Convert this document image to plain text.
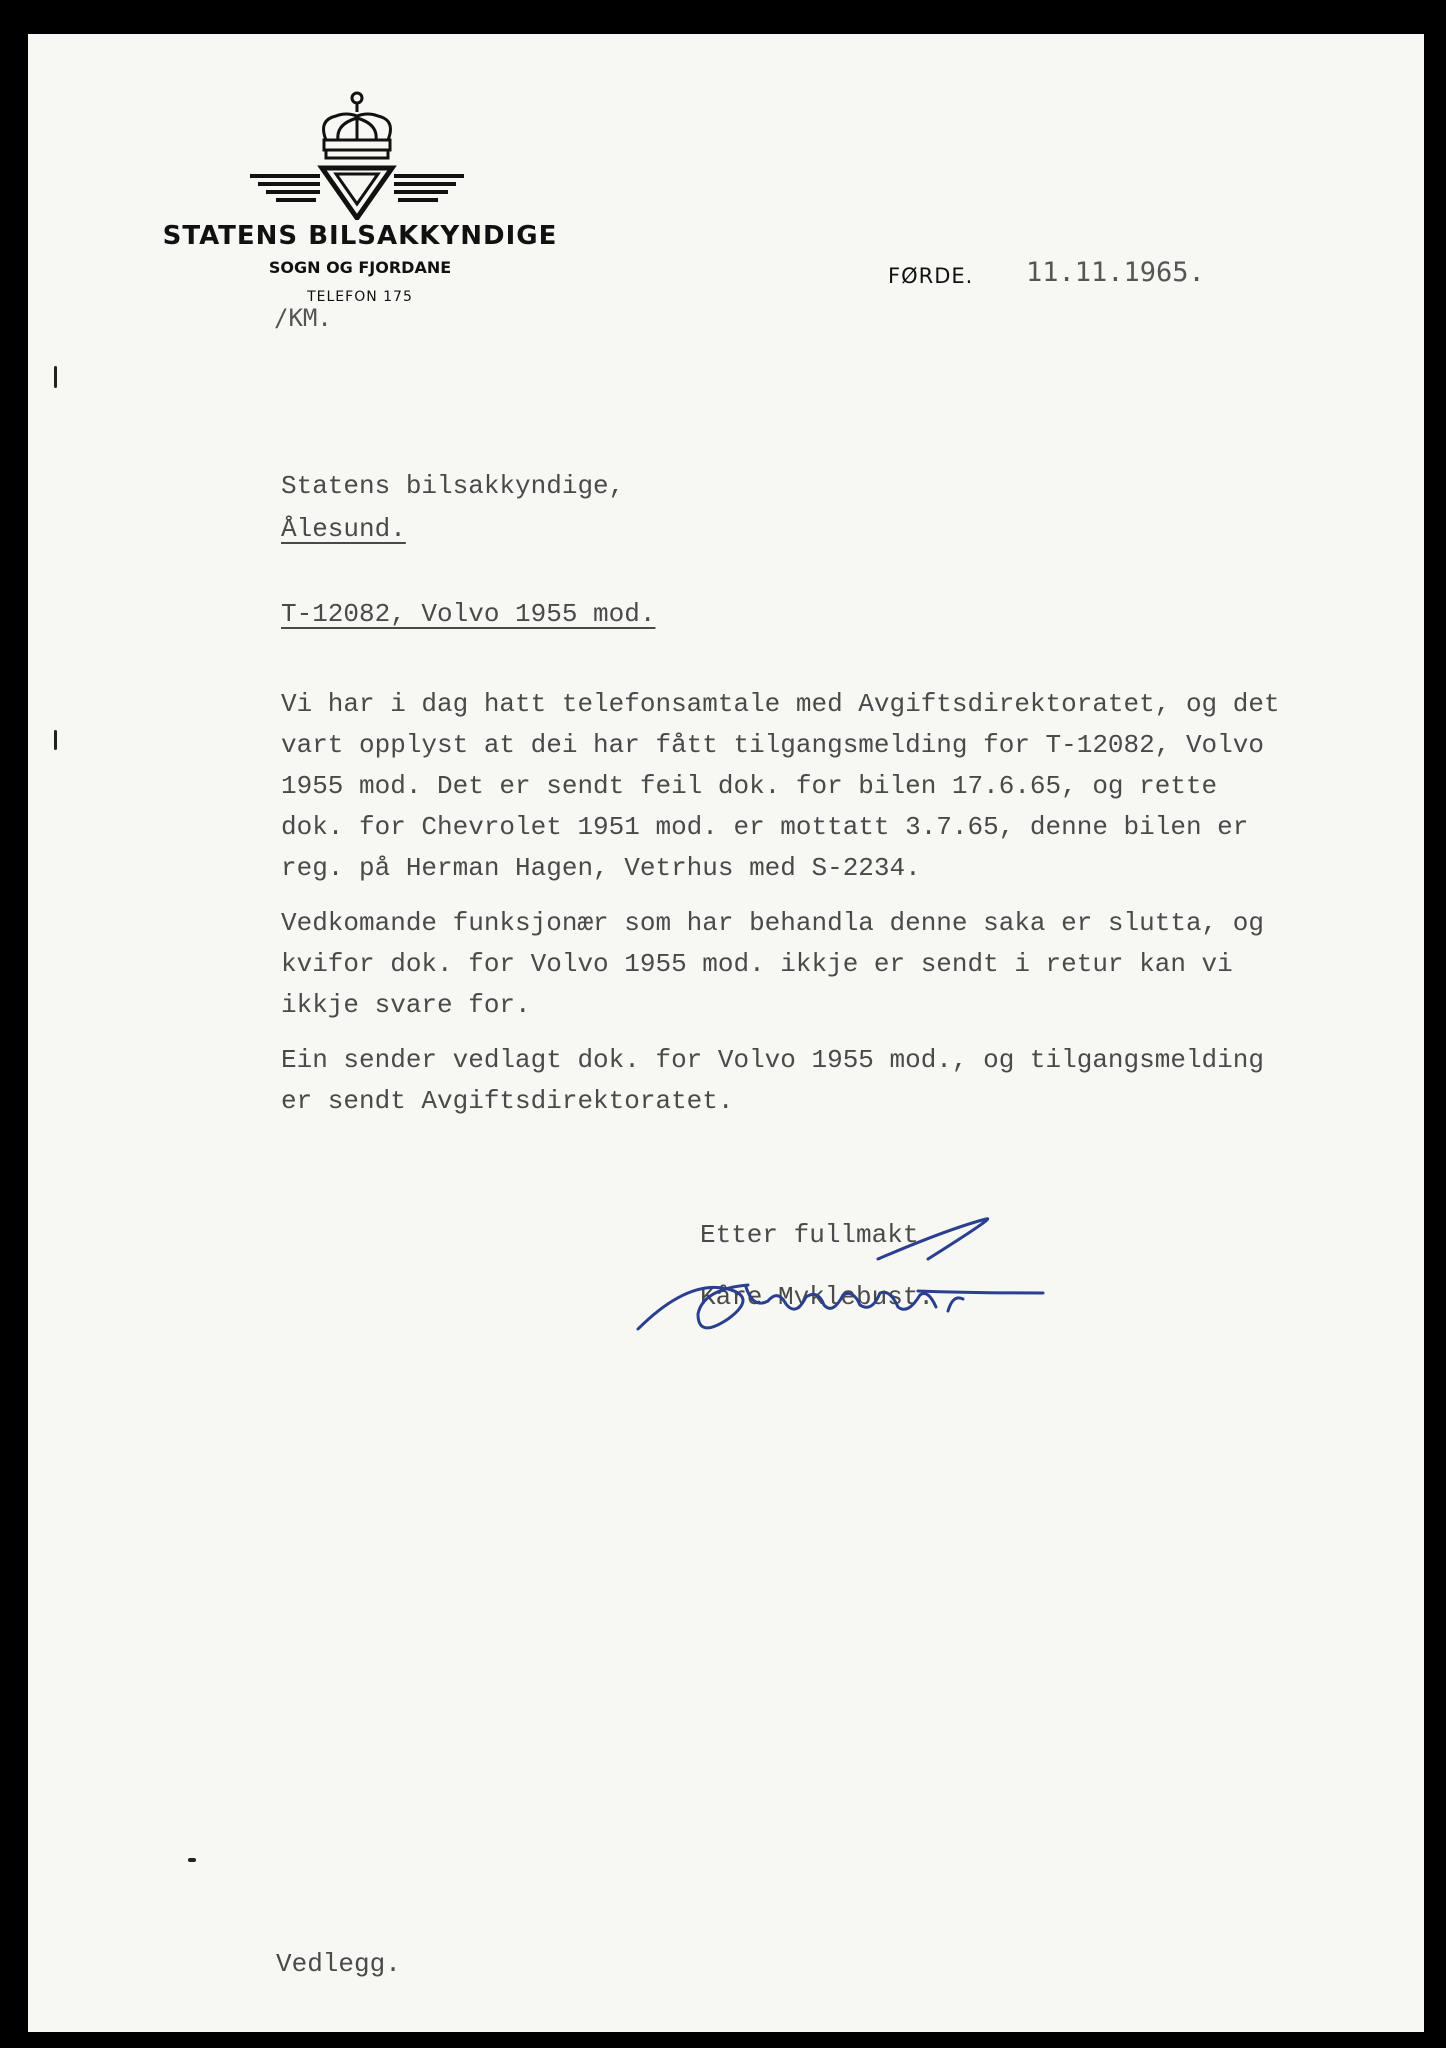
STATENS BILSAKKYNDIGE
SOGN OG FJORDANE
TELEFON 175
/KM.
FØRDE. 11.11.1965.
Statens bilsakkyndige,
Ålesund.
T-12082, Volvo 1955 mod.

Vi har i dag hatt telefonsamtale med Avgiftsdirektoratet, og det
vart opplyst at dei har fått tilgangsmelding for T-12082, Volvo
1955 mod. Det er sendt feil dok. for bilen 17.6.65, og rette
dok. for Chevrolet 1951 mod. er mottatt 3.7.65, denne bilen er
reg. på Herman Hagen, Vetrhus med S-2234.

Vedkomande funksjonær som har behandla denne saka er slutta, og
kvifor dok. for Volvo 1955 mod. ikkje er sendt i retur kan vi
ikkje svare for.

Ein sender vedlagt dok. for Volvo 1955 mod., og tilgangsmelding
er sendt Avgiftsdirektoratet.

Etter fullmakt
Kåre Myklebust.
Vedlegg.
